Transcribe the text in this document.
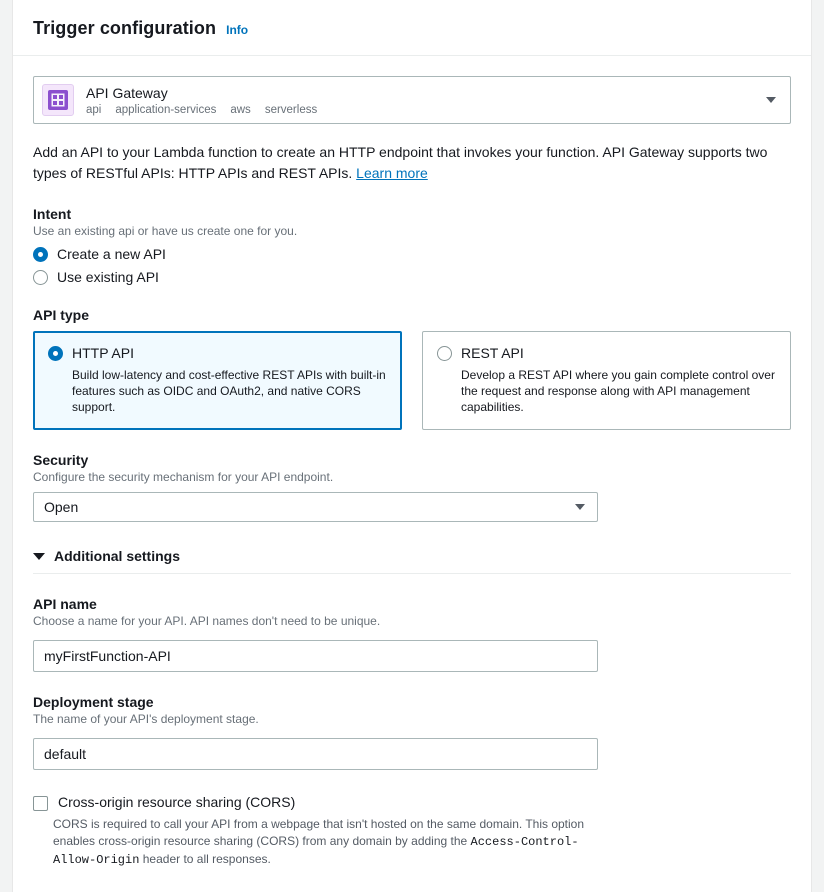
Trigger configuration Info
API Gateway
api application-services aws serverless

Add an API to your Lambda function to create an HTTP endpoint that invokes your function. API Gateway supports two types of RESTful APIs: HTTP APIs and REST APIs. Learn more

Intent
Use an existing api or have us create one for you.
Create a new API
Use existing API
API type
HTTP API
Build low-latency and cost-effective REST APIs with built-in features such as OIDC and OAuth2, and native CORS support.
REST API
Develop a REST API where you gain complete control over the request and response along with API management capabilities.
Security
Configure the security mechanism for your API endpoint.
Open
Additional settings
API name
Choose a name for your API. API names don't need to be unique.
myFirstFunction-API
Deployment stage
The name of your API's deployment stage.
default
Cross-origin resource sharing (CORS)
CORS is required to call your API from a webpage that isn't hosted on the same domain. This option enables cross-origin resource sharing (CORS) from any domain by adding the Access-Control-Allow-Origin header to all responses.
